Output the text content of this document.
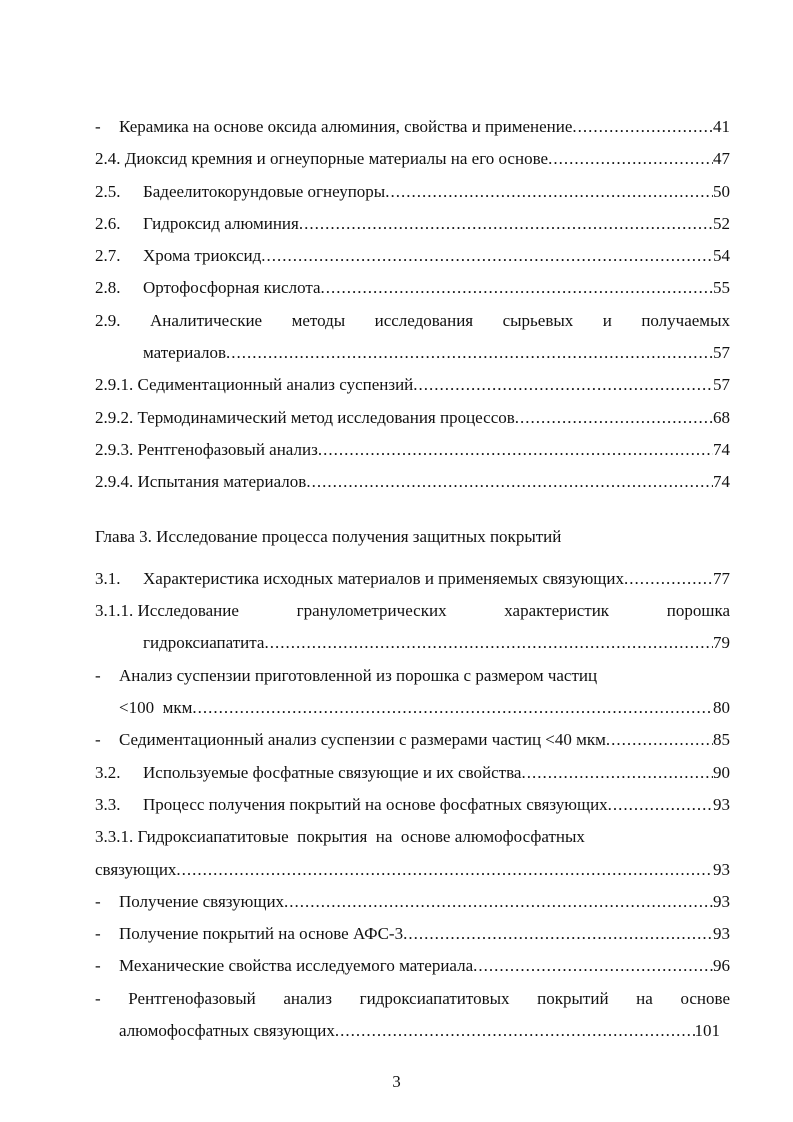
-	Керамика на основе оксида алюминия, свойства и применение .....	41
2.4. Диоксид кремния и огнеупорные материалы на его основе .....	47
2.5.	Бадеелитокорундовые огнеупоры .....	50
2.6.	Гидроксид алюминия .....	52
2.7.	Хрома триоксид .....	54
2.8.	Ортофосфорная кислота .....	55
2.9. Аналитические методы исследования сырьевых и получаемых
материалов .....	57
2.9.1. Седиментационный анализ суспензий .....	57
2.9.2. Термодинамический метод исследования процессов .....	68
2.9.3. Рентгенофазовый анализ .....	74
2.9.4. Испытания материалов .....	74
Глава 3. Исследование процесса получения защитных покрытий
3.1.	Характеристика исходных материалов и применяемых связующих .....	77
3.1.1. Исследование	гранулометрических	характеристик	порошка
гидроксиапатита .....	79
-	Анализ суспензии приготовленной из порошка с размером частиц
<100  мкм .....	80
-	Седиментационный анализ суспензии с размерами частиц <40 мкм .....	85
3.2.	Используемые фосфатные связующие и их свойства .....	90
3.3.	Процесс получения покрытий на основе фосфатных связующих .....	93
3.3.1. Гидроксиапатитовые  покрытия  на  основе алюмофосфатных
связующих .....	93
-	Получение связующих .....	93
-	Получение покрытий на основе АФС-3 .....	93
-	Механические свойства исследуемого материала .....	96
- Рентгенофазовый анализ гидроксиапатитовых покрытий на основе
алюмофосфатных связующих .....	101
3
